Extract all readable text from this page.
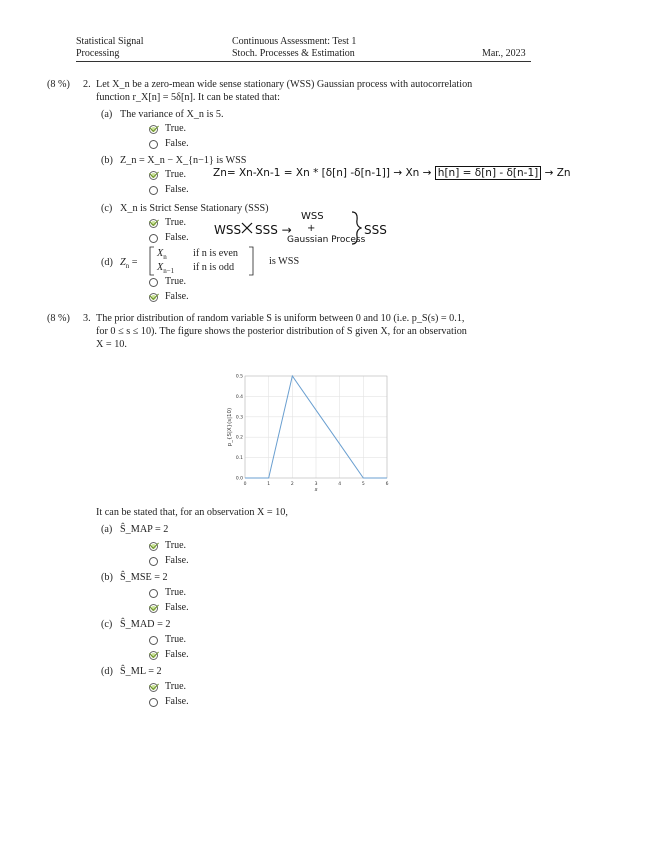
Statistical Signal
Processing
Continuous Assessment: Test 1
Stoch. Processes & Estimation	Mar., 2023
(8 %) 2. Let X_n be a zero-mean wide sense stationary (WSS) Gaussian process with autocorrelation
function r_X[n] = 5δ[n]. It can be stated that:
(a) The variance of X_n is 5.
True.
False.
(b) Z_n = X_n − X_{n−1} is WSS
True.
False.
Zn= Xn-Xn-1 = Xn * [δ[n] -δ[n-1]] → Xn → h[n] = δ[n] - δ[n-1] → Zn
(c) X_n is Strict Sense Stationary (SSS)
True.
False.
WSS SSS →
WSS
+
Gaussian Process
SSS
(d) $Z_n$ =
$X_n$	if n is even
$X_{n-1}$ if n is odd
is WSS
True.
False.
(8 %) 3. The prior distribution of random variable S is uniform between 0 and 10 (i.e. p_S(s) = 0.1,
for 0 ≤ s ≤ 10). The figure shows the posterior distribution of S given X, for an observation
X = 10.
0	1	2	3	4	5	6
0.0
0.1
0.2
0.3
0.4
0.5
s
p_{S|X}(s|10)
It can be stated that, for an observation X = 10,
(a) Ŝ_MAP = 2
True.
False.
(b) Ŝ_MSE = 2
True.
False.
(c) Ŝ_MAD = 2
True.
False.
(d) Ŝ_ML = 2
True.
False.
